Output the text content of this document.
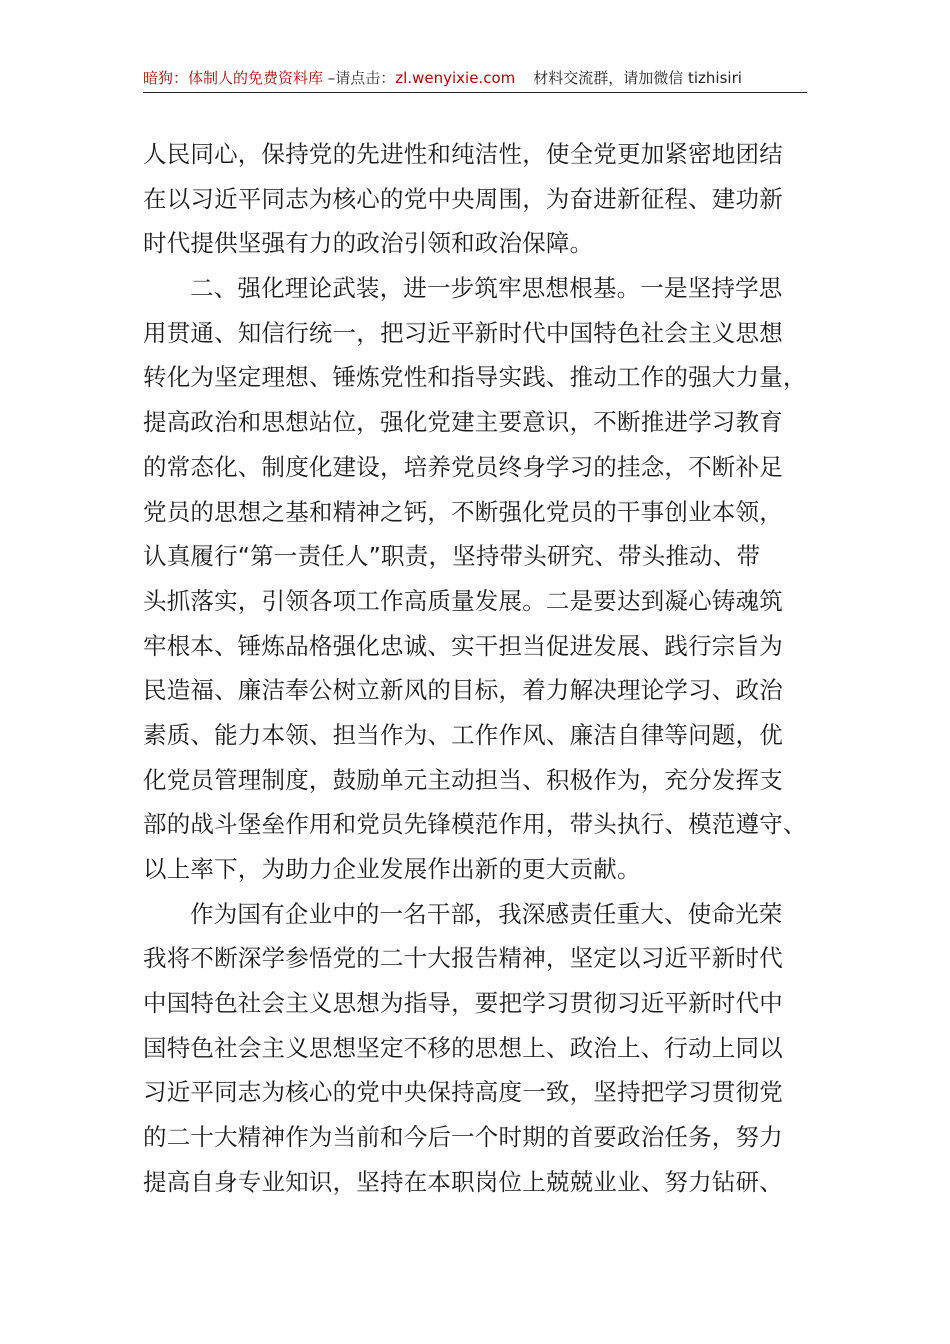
暗狗：体制人的免费资料库 –请点击：zl.wenyixie.com 材料交流群，请加微信 tizhisiri
人民同心，保持党的先进性和纯洁性，使全党更加紧密地团结
在以习近平同志为核心的党中央周围，为奋进新征程、建功新
时代提供坚强有力的政治引领和政治保障。
二、强化理论武装，进一步筑牢思想根基。一是坚持学思
用贯通、知信行统一，把习近平新时代中国特色社会主义思想
转化为坚定理想、锤炼党性和指导实践、推动工作的强大力量，
提高政治和思想站位，强化党建主要意识，不断推进学习教育
的常态化、制度化建设，培养党员终身学习的挂念，不断补足
党员的思想之基和精神之钙，不断强化党员的干事创业本领，
认真履行“第一责任人”职责，坚持带头研究、带头推动、带
头抓落实，引领各项工作高质量发展。二是要达到凝心铸魂筑
牢根本、锤炼品格强化忠诚、实干担当促进发展、践行宗旨为
民造福、廉洁奉公树立新风的目标，着力解决理论学习、政治
素质、能力本领、担当作为、工作作风、廉洁自律等问题，优
化党员管理制度，鼓励单元主动担当、积极作为，充分发挥支
部的战斗堡垒作用和党员先锋模范作用，带头执行、模范遵守、
以上率下，为助力企业发展作出新的更大贡献。
作为国有企业中的一名干部，我深感责任重大、使命光荣
我将不断深学参悟党的二十大报告精神，坚定以习近平新时代
中国特色社会主义思想为指导，要把学习贯彻习近平新时代中
国特色社会主义思想坚定不移的思想上、政治上、行动上同以
习近平同志为核心的党中央保持高度一致，坚持把学习贯彻党
的二十大精神作为当前和今后一个时期的首要政治任务，努力
提高自身专业知识，坚持在本职岗位上兢兢业业、努力钻研、
